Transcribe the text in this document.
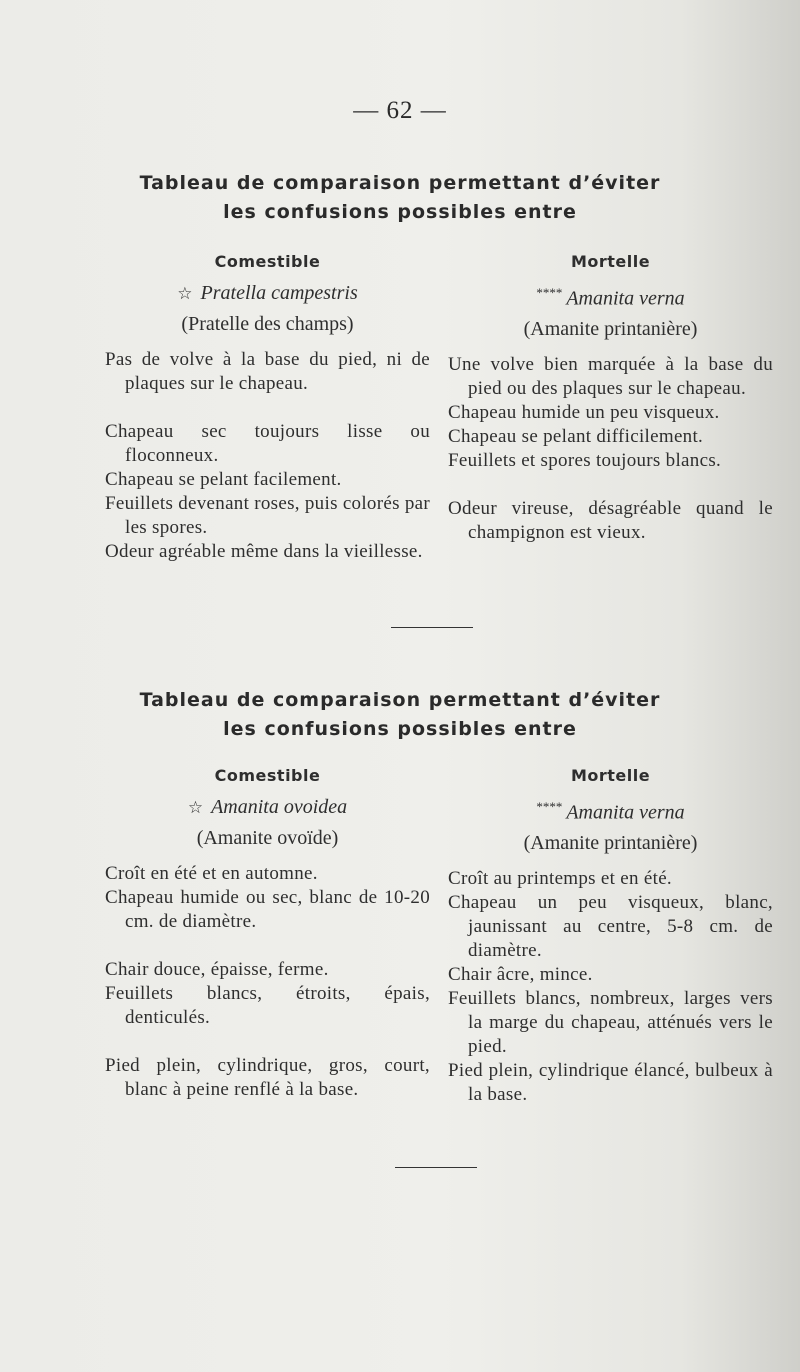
— 62 —
Tableau de comparaison permettant d’éviter
les confusions possibles entre
Comestible
☆ Pratella campestris
(Pratelle des champs)

Pas de volve à la base du pied, ni de plaques sur le chapeau.

Chapeau sec toujours lisse ou floconneux.

Chapeau se pelant facilement.

Feuillets devenant roses, puis colorés par les spores.

Odeur agréable même dans la vieillesse.

Mortelle
**** Amanita verna
(Amanite printanière)

Une volve bien marquée à la base du pied ou des plaques sur le chapeau.

Chapeau humide un peu visqueux.

Chapeau se pelant difficilement.

Feuillets et spores toujours blancs.

Odeur vireuse, désagréable quand le champignon est vieux.

Tableau de comparaison permettant d’éviter
les confusions possibles entre
Comestible
☆ Amanita ovoidea
(Amanite ovoïde)

Croît en été et en automne.

Chapeau humide ou sec, blanc de 10-20 cm. de diamètre.

Chair douce, épaisse, ferme.

Feuillets blancs, étroits, épais, denticulés.

Pied plein, cylindrique, gros, court, blanc à peine renflé à la base.

Mortelle
**** Amanita verna
(Amanite printanière)

Croît au printemps et en été.

Chapeau un peu visqueux, blanc, jaunissant au centre, 5-8 cm. de diamètre.

Chair âcre, mince.

Feuillets blancs, nombreux, larges vers la marge du chapeau, atténués vers le pied.

Pied plein, cylindrique élancé, bulbeux à la base.
